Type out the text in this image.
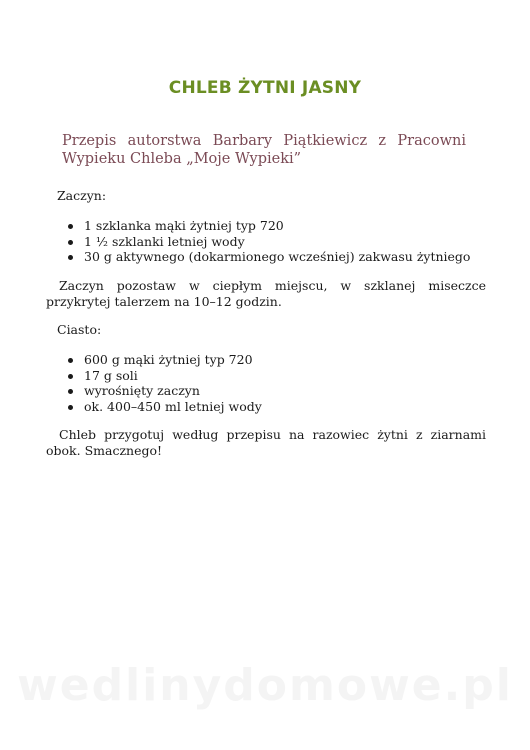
CHLEB ŻYTNI JASNY
Przepis autorstwa Barbary Piątkiewicz z Pracowni Wypieku Chleba „Moje Wypieki”
Zaczyn:
1 szklanka mąki żytniej typ 720
1 ½ szklanki letniej wody
30 g aktywnego (dokarmionego wcześniej) zakwasu żytniego
Zaczyn pozostaw w ciepłym miejscu, w szklanej miseczce przykrytej talerzem na 10–12 godzin.
Ciasto:
600 g mąki żytniej typ 720
17 g soli
wyrośnięty zaczyn
ok. 400–450 ml letniej wody
Chleb przygotuj według przepisu na razowiec żytni z ziarnami obok. Smacznego!
wedlinydomowe.pl
